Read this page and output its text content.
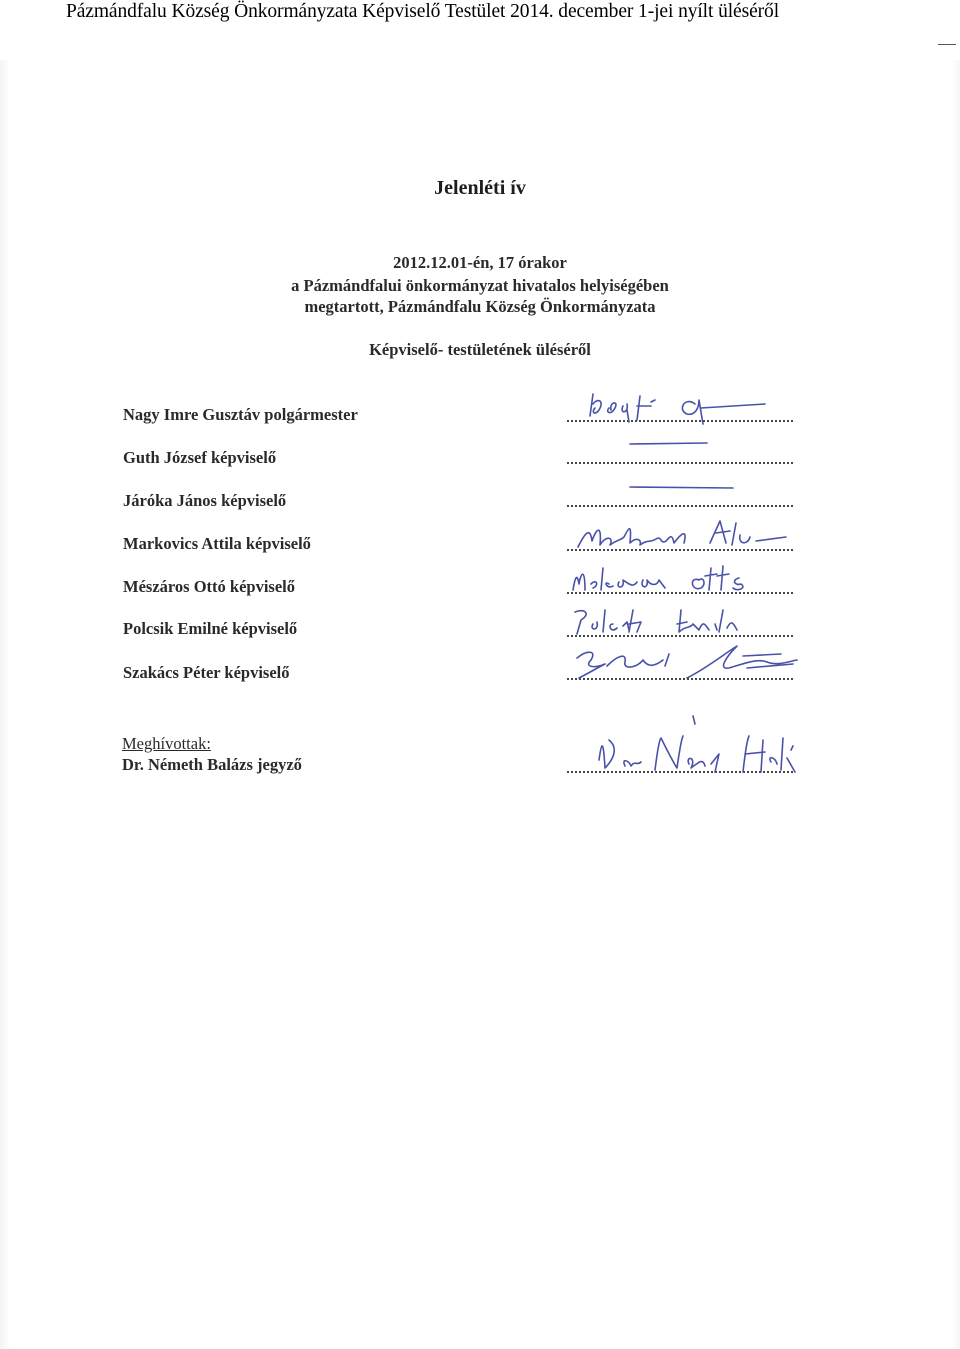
Pázmándfalu Község Önkormányzata Képviselő Testület 2014. december 1-jei nyílt üléséről
Jelenléti ív
2012.12.01-én, 17 órakor
a Pázmándfalui önkormányzat hivatalos helyiségében
megtartott, Pázmándfalu Község Önkormányzata
Képviselő- testületének üléséről
Nagy Imre Gusztáv polgármester
Guth József képviselő
Járóka János képviselő
Markovics Attila képviselő
Mészáros Ottó képviselő
Polcsik Emilné képviselő
Szakács Péter képviselő
Meghívottak:
Dr. Németh Balázs jegyző
